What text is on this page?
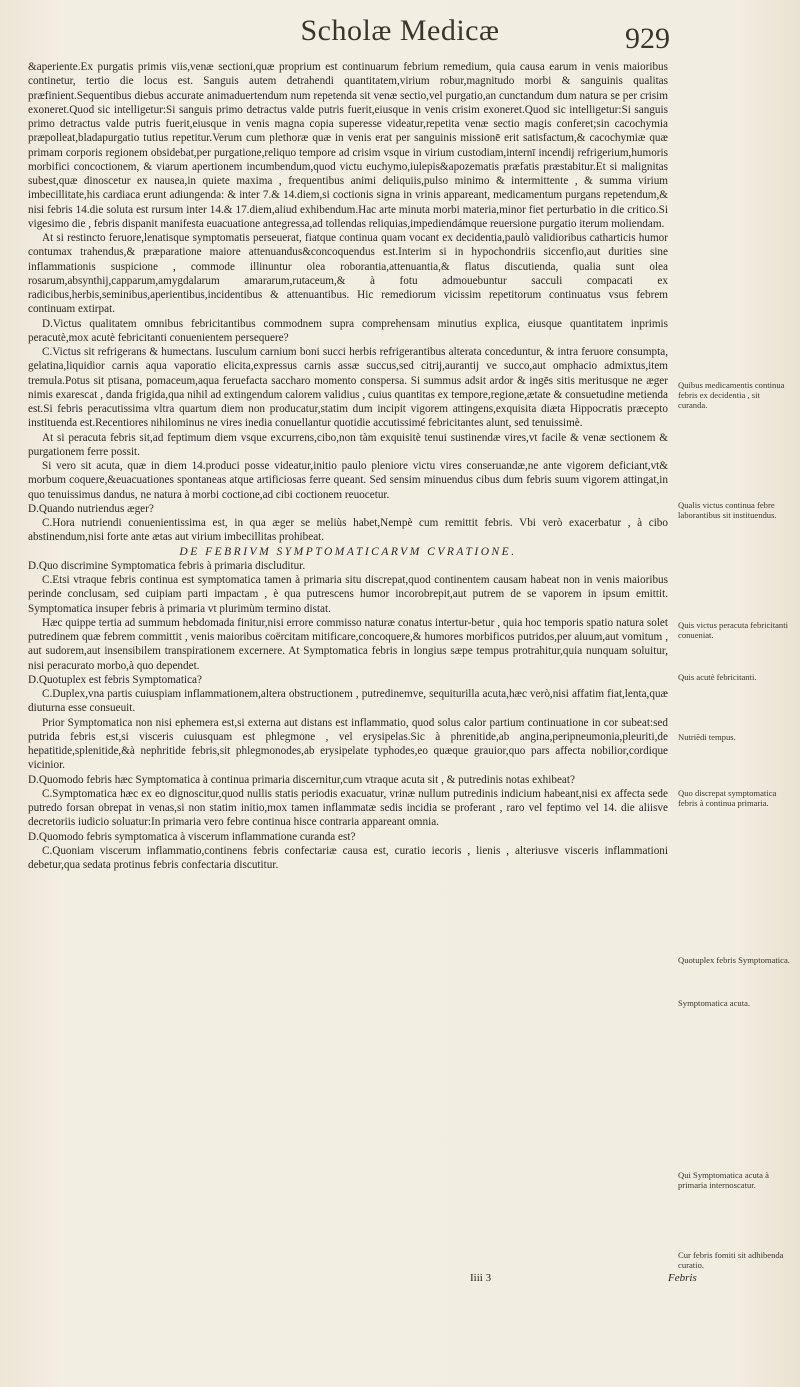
Scholæ Medicæ	929

&aperiente.Ex purgatis primis viis,venæ sectioni,quæ proprium est continuarum febrium remedium, quia causa earum in venis maioribus continetur, tertio die locus est. Sanguis autem detrahendi quantitatem,virium robur,magnitudo morbi & sanguinis qualitas præfinient.Sequentibus diebus accurate animaduertendum num repetenda sit venæ sectio,vel purgatio,an cunctandum dum natura se per crisim exoneret.Quod sic intelligetur:Si sanguis primo detractus valde putris fuerit,eiusque in venis crisim exoneret.Quod sic intelligetur:Si sanguis primo detractus valde putris fuerit,eiusque in venis magna copia superesse videatur,repetita venæ sectio magis conferet;sin cacochymia præpolleat,bladapurgatio tutius repetitur.Verum cum plethoræ quæ in venis erat per sanguinis missionē erit satisfactum,& cacochymiæ quæ primam corporis regionem obsidebat,per purgatione,reliquo tempore ad crisim vsque in virium custodiam,internī incendij refrigerium,humoris morbifici concoctionem, & viarum apertionem incumbendum,quod victu euchymo,iulepis&apozematis præfatis præstabitur.Et si malignitas subest,quæ dinoscetur ex nausea,in quiete maxima , frequentibus animi deliquiis,pulso minimo & intermittente , & summa virium imbecillitate,his cardiaca erunt adiungenda: & inter 7.& 14.diem,si coctionis signa in vrinis appareant, medicamentum purgans repetendum,& nisi febris 14.die soluta est rursum inter 14.& 17.diem,aliud exhibendum.Hac arte minuta morbi materia,minor fiet perturbatio in die critico.Si vigesimo die , febris dispanit manifesta euacuatione antegressa,ad tollendas reliquias,impediendámque reuersione purgatio iterum moliendam.

At si restincto feruore,lenatisque symptomatis perseuerat, fiatque continua quam vocant ex decidentia,paulò validioribus catharticis humor contumax trahendus,& præparatione maiore attenuandus&concoquendus est.Interim si in hypochondriis siccenfio,aut durities sine inflammationis suspicione , commode illinuntur olea roborantia,attenuantia,& flatus discutienda, qualia sunt olea rosarum,absynthij,capparum,amygdalarum amararum,rutaceum,& à fotu admouebuntur sacculi compacati ex radicibus,herbis,seminibus,aperientibus,incidentibus & attenuantibus. Hic remediorum vicissim repetitorum continuatus vsus febrem continuam extirpat.

D.Victus qualitatem omnibus febricitantibus commodnem supra comprehensam minutius explica, eiusque quantitatem inprimis peracutè,mox acutè febricitanti conuenientem persequere?

C.Victus sit refrigerans & humectans. Iusculum carnium boni succi herbis refrigerantibus alterata conceduntur, & intra feruore consumpta, gelatina,liquidior carnis aqua vaporatio elicita,expressus carnis assæ succus,sed citrij,aurantij ve succo,aut omphacio admixtus,item tremula.Potus sit ptisana, pomaceum,aqua feruefacta saccharo momento conspersa. Si summus adsit ardor & ingēs sitis meritusque ne æger nimis exarescat , danda frigida,qua nihil ad extingendum calorem validius , cuius quantitas ex tempore,regione,ætate & consuetudine metienda est.Si febris peracutissima vltra quartum diem non producatur,statim dum incipit vigorem attingens,exquisita diæta Hippocratis præcepto instituenda est.Recentiores nihilominus ne vires inedia conuellantur quotidie accutissimé febricitantes alunt, sed tenuissimè.

At si peracuta febris sit,ad feptimum diem vsque excurrens,cibo,non tàm exquisitè tenui sustinendæ vires,vt facile & venæ sectionem & purgationem ferre possit.

Si vero sit acuta, quæ in diem 14.produci posse videatur,initio paulo pleniore victu vires conseruandæ,ne ante vigorem deficiant,vt& morbum coquere,&euacuationes spontaneas atque artificiosas ferre queant. Sed sensim minuendus cibus dum febris suum vigorem attingat,in quo tenuissimus dandus, ne natura à morbi coctione,ad cibi coctionem reuocetur.

D.Quando nutriendus æger?

C.Hora nutriendi conuenientissima est, in qua æger se meliùs habet,Nempè cum remittit febris. Vbi verò exacerbatur , à cibo abstinendum,nisi forte ante ætas aut virium imbecillitas prohibeat.

DE FEBRIVM SYMPTOMATICARVM CVRATIONE.

D.Quo discrimine Symptomatica febris à primaria discluditur.

C.Etsi vtraque febris continua est symptomatica tamen à primaria situ discrepat,quod continentem causam habeat non in venis maioribus perinde conclusam, sed cuipiam parti impactam , è qua putrescens humor incorobrepit,aut putrem de se vaporem in ipsum emittit. Symptomatica insuper febris à primaria vt plurimùm termino distat.

Hæc quippe tertia ad summum hebdomada finitur,nisi errore commisso naturæ conatus intertur-betur , quia hoc temporis spatio natura solet putredinem quæ febrem committit , venis maioribus coërcitam mitificare,concoquere,& humores morbificos putridos,per aluum,aut vomitum , aut sudorem,aut insensibilem transpirationem excernere. At Symptomatica febris in longius sæpe tempus protrahitur,quia nunquam soluitur, nisi peracurato morbo,à quo dependet.

D.Quotuplex est febris Symptomatica?

C.Duplex,vna partis cuiuspiam inflammationem,altera obstructionem , putredinemve, sequiturilla acuta,hæc verò,nisi affatim fiat,lenta,quæ diuturna esse consueuit.

Prior Symptomatica non nisi ephemera est,si externa aut distans est inflammatio, quod solus calor partium continuatione in cor subeat:sed putrida febris est,si visceris cuiusquam est phlegmone , vel erysipelas.Sic à phrenitide,ab angina,peripneumonia,pleuriti,de hepatitide,splenitide,&à nephritide febris,sit phlegmonodes,ab erysipelate typhodes,eo quæque grauior,quo pars affecta nobilior,cordique vicinior.

D.Quomodo febris hæc Symptomatica à continua primaria discernitur,cum vtraque acuta sit , & putredinis notas exhibeat?

C.Symptomatica hæc ex eo dignoscitur,quod nullis statis periodis exacuatur, vrinæ nullum putredinis indicium habeant,nisi ex affecta sede putredo forsan obrepat in venas,si non statim initio,mox tamen inflammatæ sedis incidia se proferant , raro vel feptimo vel 14. die aliisve decretoriis iudicio soluatur:In primaria vero febre continua hisce contraria appareant omnia.

D.Quomodo febris symptomatica à viscerum inflammatione curanda est?

C.Quoniam viscerum inflammatio,continens febris confectariæ causa est, curatio iecoris , lienis , alteriusve visceris inflammationi debetur,qua sedata protinus febris confectaria discutitur.

Quibus medicamentis continua febris ex decidentia , sit curanda.
Qualis victus continua febre laborantibus sit instituendus.
Quis victus peracuta febricitanti conueniat.
Quis acutè febricitanti.
Nutriēdi tempus.
Quo discrepat symptomatica febris à continua primaria.
Quotuplex febris Symptomatica.
Symptomatica acuta.
Qui Symptomatica acuta à primaria internoscatur.
Cur febris fomiti sit adhibenda curatio.
Iiii 3	Febris
